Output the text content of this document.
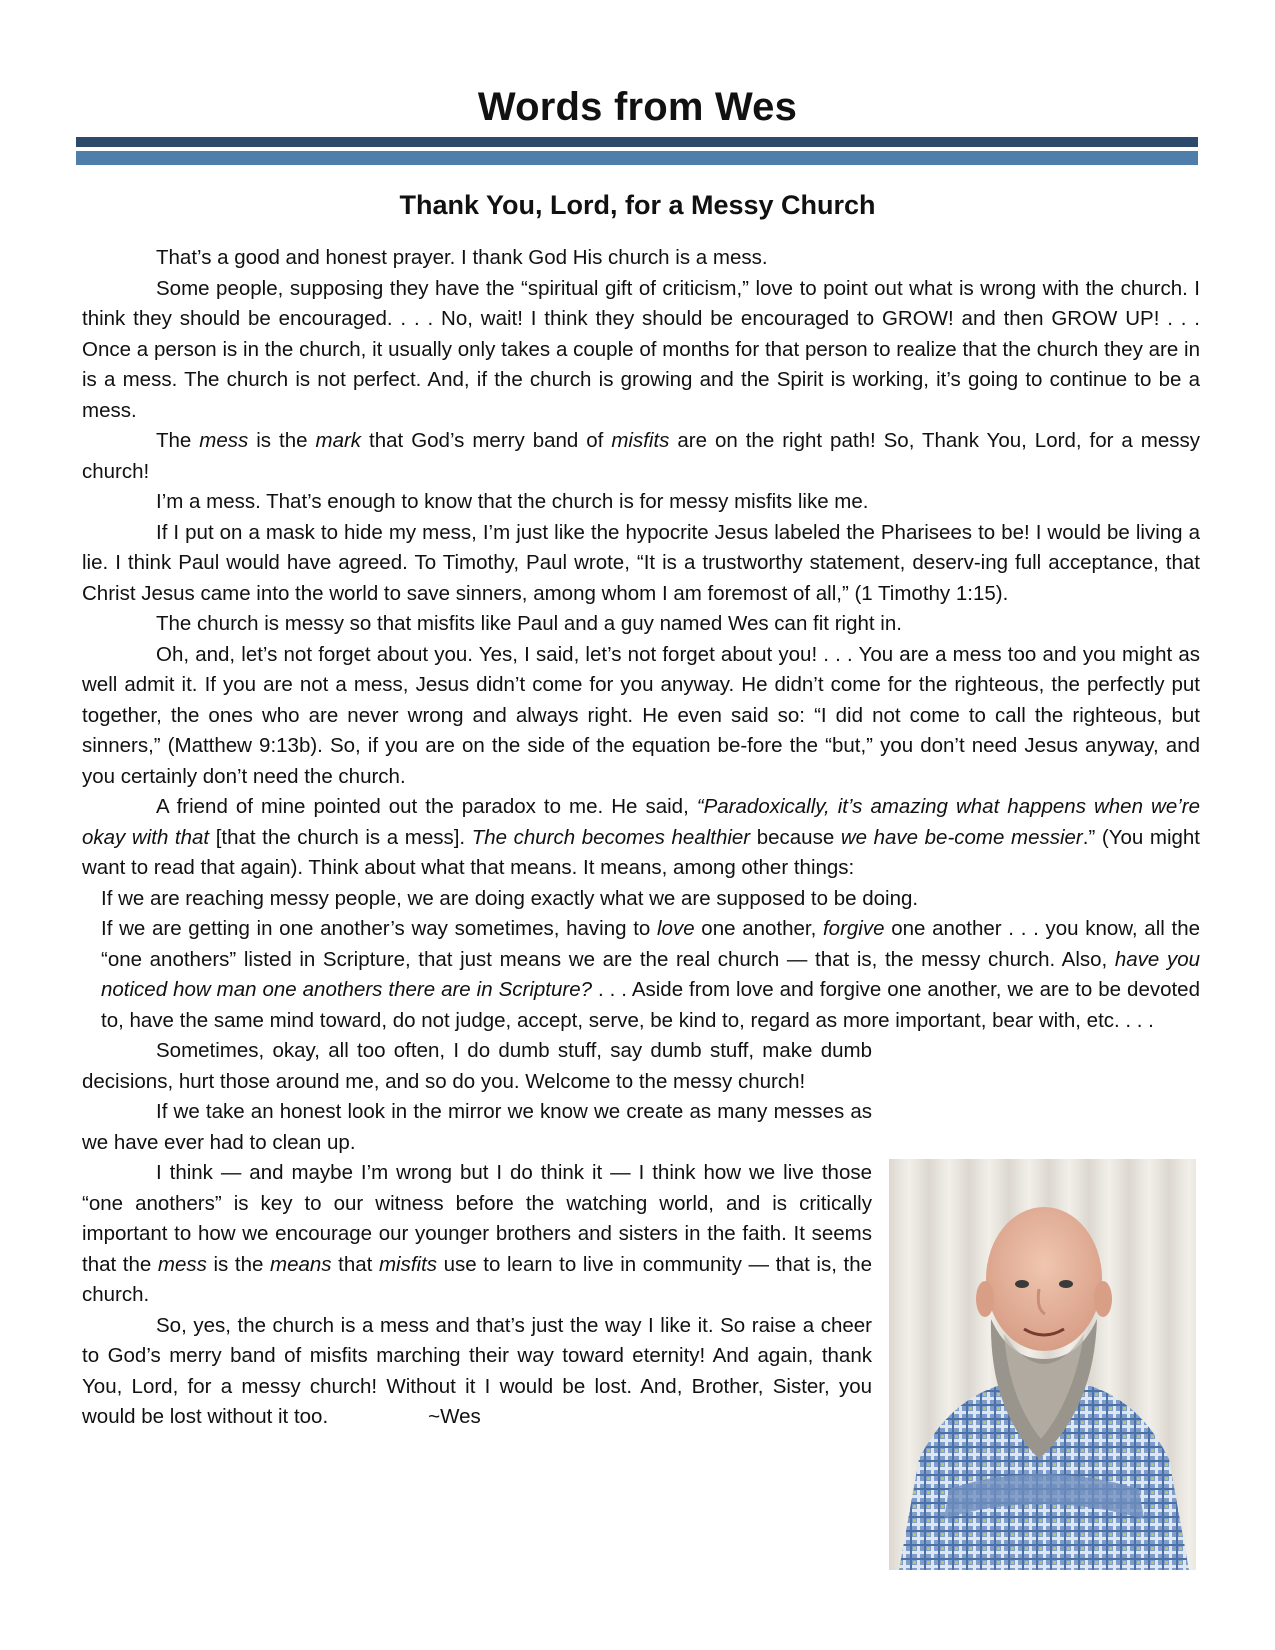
Words from Wes
Thank You, Lord, for a Messy Church

That’s a good and honest prayer. I thank God His church is a mess.

Some people, supposing they have the “spiritual gift of criticism,” love to point out what is wrong with the church. I think they should be encouraged. . . . No, wait! I think they should be encouraged to GROW! and then GROW UP! . . . Once a person is in the church, it usually only takes a couple of months for that person to realize that the church they are in is a mess. The church is not perfect. And, if the church is growing and the Spirit is working, it’s going to continue to be a mess.

The mess is the mark that God’s merry band of misfits are on the right path! So, Thank You, Lord, for a messy church!

I’m a mess. That’s enough to know that the church is for messy misfits like me.

If I put on a mask to hide my mess, I’m just like the hypocrite Jesus labeled the Pharisees to be! I would be living a lie. I think Paul would have agreed. To Timothy, Paul wrote, “It is a trustworthy statement, deserv-ing full acceptance, that Christ Jesus came into the world to save sinners, among whom I am foremost of all,” (1 Timothy 1:15).

The church is messy so that misfits like Paul and a guy named Wes can fit right in.

Oh, and, let’s not forget about you. Yes, I said, let’s not forget about you! . . . You are a mess too and you might as well admit it. If you are not a mess, Jesus didn’t come for you anyway. He didn’t come for the righteous, the perfectly put together, the ones who are never wrong and always right. He even said so: “I did not come to call the righteous, but sinners,” (Matthew 9:13b). So, if you are on the side of the equation be-fore the “but,” you don’t need Jesus anyway, and you certainly don’t need the church.

A friend of mine pointed out the paradox to me. He said, “Paradoxically, it’s amazing what happens when we’re okay with that [that the church is a mess]. The church becomes healthier because we have be-come messier.” (You might want to read that again). Think about what that means. It means, among other things:

If we are reaching messy people, we are doing exactly what we are supposed to be doing.
If we are getting in one another’s way sometimes, having to love one another, forgive one another . . . you know, all the “one anothers” listed in Scripture, that just means we are the real church — that is, the messy church. Also, have you noticed how man one anothers there are in Scripture? . . . Aside from love and forgive one another, we are to be devoted to, have the same mind toward, do not judge, accept, serve, be kind to, regard as more important, bear with, etc. . . .

Sometimes, okay, all too often, I do dumb stuff, say dumb stuff, make dumb decisions, hurt those around me, and so do you. Welcome to the messy church!

If we take an honest look in the mirror we know we create as many messes as we have ever had to clean up.

I think — and maybe I’m wrong but I do think it — I think how we live those “one anothers” is key to our witness before the watching world, and is critically important to how we encourage our younger brothers and sisters in the faith. It seems that the mess is the means that misfits use to learn to live in community — that is, the church.

So, yes, the church is a mess and that’s just the way I like it. So raise a cheer to God’s merry band of misfits marching their way toward eternity! And again, thank You, Lord, for a messy church! Without it I would be lost. And, Brother, Sister, you would be lost without it too.	~Wes
